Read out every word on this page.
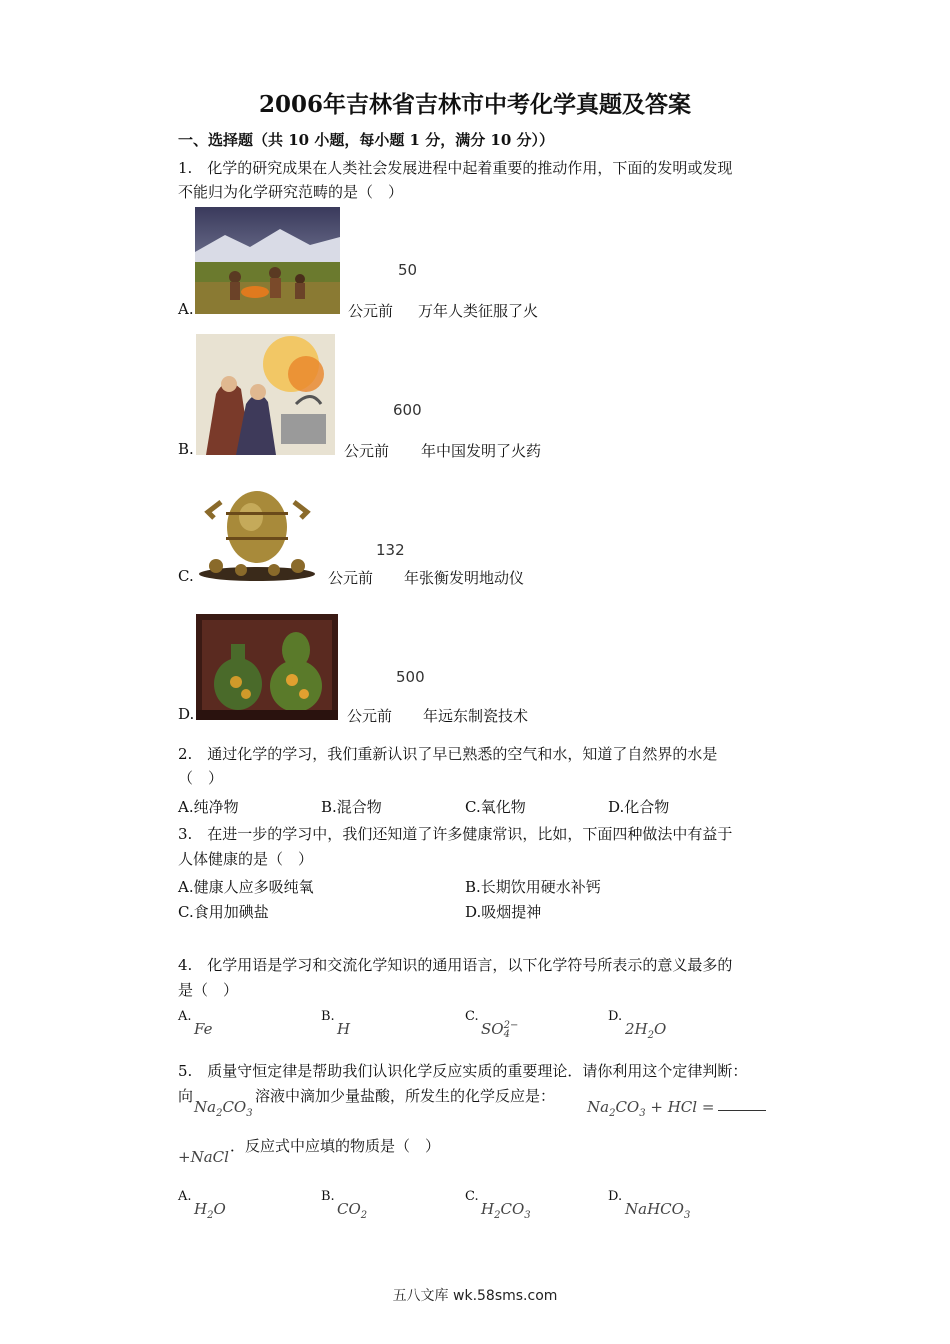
2006年吉林省吉林市中考化学真题及答案
一、选择题（共 10 小题，每小题 1 分，满分 10 分））
1.　化学的研究成果在人类社会发展进程中起着重要的推动作用，下面的发明或发现
不能归为化学研究范畴的是（　）
50
A.	公元前 万年人类征服了火
600
B.	公元前 年中国发明了火药
132
C.	公元前 年张衡发明地动仪
500
D.	公元前 年远东制瓷技术
2.　通过化学的学习，我们重新认识了早已熟悉的空气和水，知道了自然界的水是
（　）
A.纯净物	B.混合物	C.氧化物	D.化合物
3.　在进一步的学习中，我们还知道了许多健康常识，比如，下面四种做法中有益于
人体健康的是（　）
A.健康人应多吸纯氧	B.长期饮用硬水补钙
C.食用加碘盐	D.吸烟提神
4.　化学用语是学习和交流化学知识的通用语言，以下化学符号所表示的意义最多的
是（　）
A.
Fe
B.
H
C.
SO 2−
4
D.
$2H_2O$
5.　质量守恒定律是帮助我们认识化学反应实质的重要理论．请你利用这个定律判断：
向
$Na_2CO_3$
溶液中滴加少量盐酸，所发生的化学反应是：
$Na_2CO_3$ + HCl =
+NaCl
．反应式中应填的物质是（　）
A.
$H_2O$
B.
$CO_2$
C.
$H_2CO_3$
D.
NaHCO$_3$
五八文库 wk.58sms.com
